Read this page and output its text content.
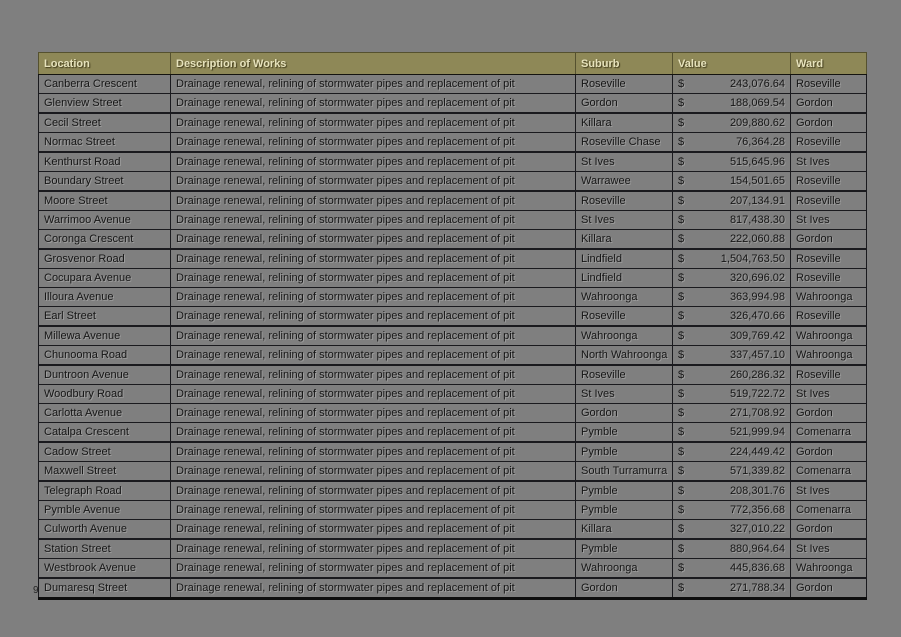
Location	Description of Works	Suburb	Value	Ward
Canberra Crescent	Drainage renewal, relining of stormwater pipes and replacement of pit	Roseville	$ 243,076.64	Roseville
Glenview Street	Drainage renewal, relining of stormwater pipes and replacement of pit	Gordon	$ 188,069.54	Gordon
Cecil Street	Drainage renewal, relining of stormwater pipes and replacement of pit	Killara	$ 209,880.62	Gordon
Normac Street	Drainage renewal, relining of stormwater pipes and replacement of pit	Roseville Chase	$ 76,364.28	Roseville
Kenthurst Road	Drainage renewal, relining of stormwater pipes and replacement of pit	St Ives	$ 515,645.96	St Ives
Boundary Street	Drainage renewal, relining of stormwater pipes and replacement of pit	Warrawee	$ 154,501.65	Roseville
Moore Street	Drainage renewal, relining of stormwater pipes and replacement of pit	Roseville	$ 207,134.91	Roseville
Warrimoo Avenue	Drainage renewal, relining of stormwater pipes and replacement of pit	St Ives	$ 817,438.30	St Ives
Coronga Crescent	Drainage renewal, relining of stormwater pipes and replacement of pit	Killara	$ 222,060.88	Gordon
Grosvenor Road	Drainage renewal, relining of stormwater pipes and replacement of pit	Lindfield	$ 1,504,763.50	Roseville
Cocupara Avenue	Drainage renewal, relining of stormwater pipes and replacement of pit	Lindfield	$ 320,696.02	Roseville
Illoura Avenue	Drainage renewal, relining of stormwater pipes and replacement of pit	Wahroonga	$ 363,994.98	Wahroonga
Earl Street	Drainage renewal, relining of stormwater pipes and replacement of pit	Roseville	$ 326,470.66	Roseville
Millewa Avenue	Drainage renewal, relining of stormwater pipes and replacement of pit	Wahroonga	$ 309,769.42	Wahroonga
Chunooma Road	Drainage renewal, relining of stormwater pipes and replacement of pit	North Wahroonga	$ 337,457.10	Wahroonga
Duntroon Avenue	Drainage renewal, relining of stormwater pipes and replacement of pit	Roseville	$ 260,286.32	Roseville
Woodbury Road	Drainage renewal, relining of stormwater pipes and replacement of pit	St Ives	$ 519,722.72	St Ives
Carlotta Avenue	Drainage renewal, relining of stormwater pipes and replacement of pit	Gordon	$ 271,708.92	Gordon
Catalpa Crescent	Drainage renewal, relining of stormwater pipes and replacement of pit	Pymble	$ 521,999.94	Comenarra
Cadow Street	Drainage renewal, relining of stormwater pipes and replacement of pit	Pymble	$ 224,449.42	Gordon
Maxwell Street	Drainage renewal, relining of stormwater pipes and replacement of pit	South Turramurra	$ 571,339.82	Comenarra
Telegraph Road	Drainage renewal, relining of stormwater pipes and replacement of pit	Pymble	$ 208,301.76	St Ives
Pymble Avenue	Drainage renewal, relining of stormwater pipes and replacement of pit	Pymble	$ 772,356.68	Comenarra
Culworth Avenue	Drainage renewal, relining of stormwater pipes and replacement of pit	Killara	$ 327,010.22	Gordon
Station Street	Drainage renewal, relining of stormwater pipes and replacement of pit	Pymble	$ 880,964.64	St Ives
Westbrook Avenue	Drainage renewal, relining of stormwater pipes and replacement of pit	Wahroonga	$ 445,836.68	Wahroonga
Dumaresq Street	Drainage renewal, relining of stormwater pipes and replacement of pit	Gordon	$ 271,788.34	Gordon
9
